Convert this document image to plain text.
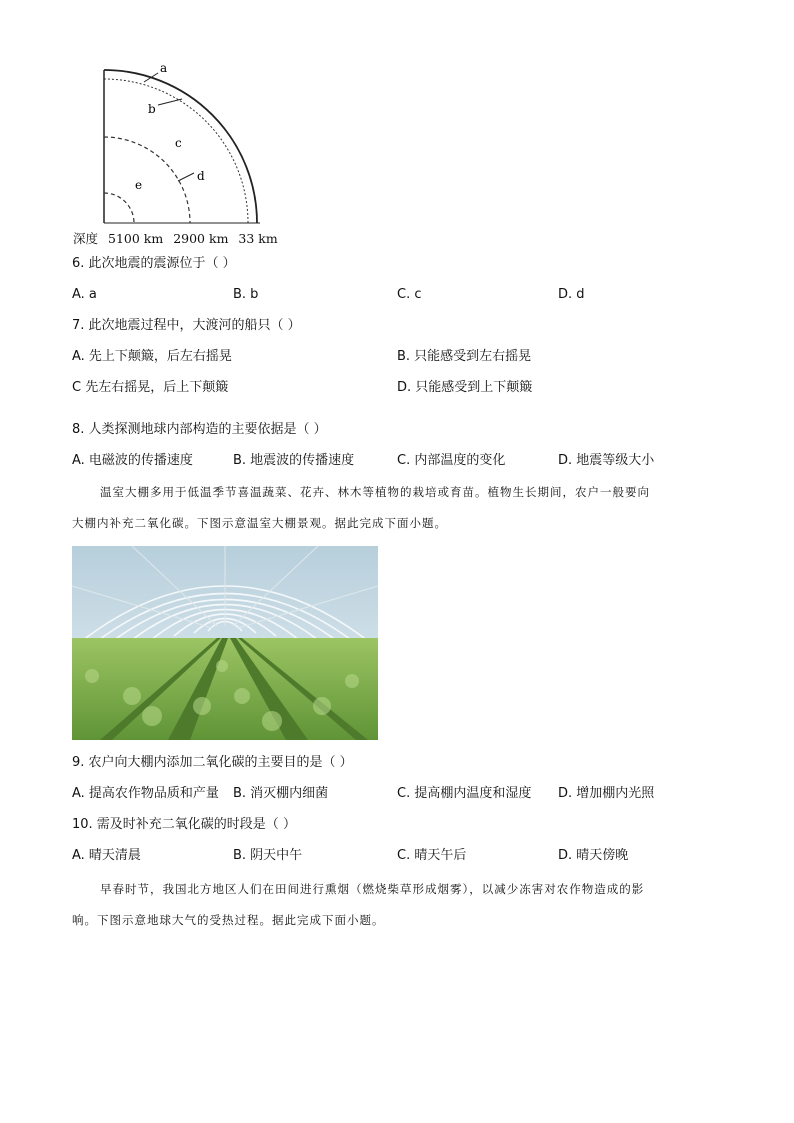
a
b
c
d
e
深度 5100 km 2900 km 33 km
6. 此次地震的震源位于（ ）
A. a	B. b	C. c	D. d
7. 此次地震过程中，大渡河的船只（ ）
A. 先上下颠簸，后左右摇晃	B. 只能感受到左右摇晃
C 先左右摇晃，后上下颠簸	D. 只能感受到上下颠簸
8. 人类探测地球内部构造的主要依据是（ ）
A. 电磁波的传播速度	B. 地震波的传播速度	C. 内部温度的变化	D. 地震等级大小
温室大棚多用于低温季节喜温蔬菜、花卉、林木等植物的栽培或育苗。植物生长期间，农户一般要向
大棚内补充二氧化碳。下图示意温室大棚景观。据此完成下面小题。
9. 农户向大棚内添加二氧化碳的主要目的是（ ）
A. 提高农作物品质和产量 B. 消灭棚内细菌	C. 提高棚内温度和湿度 D. 增加棚内光照
10. 需及时补充二氧化碳的时段是（ ）
A. 晴天清晨	B. 阴天中午	C. 晴天午后	D. 晴天傍晚
早春时节，我国北方地区人们在田间进行熏烟（燃烧柴草形成烟雾），以减少冻害对农作物造成的影
响。下图示意地球大气的受热过程。据此完成下面小题。
